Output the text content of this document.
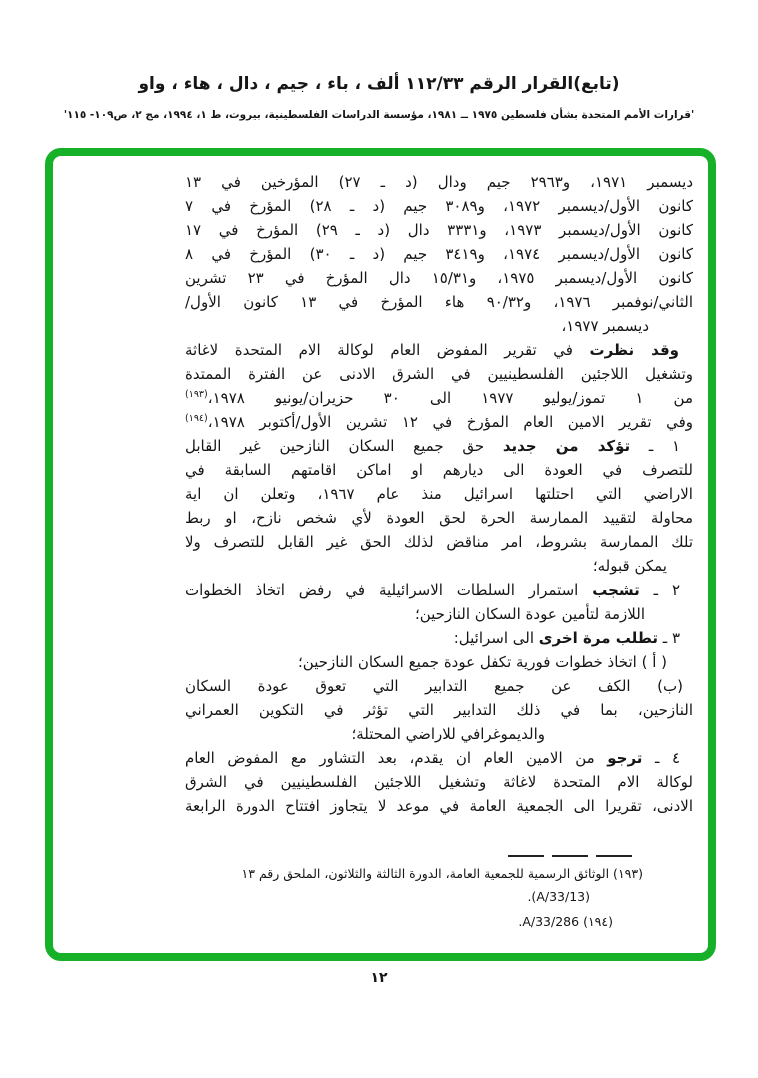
(تابع)القرار الرقم ١١٢/٣٣ ألف ، باء ، جيم ، دال ، هاء ، واو
'قرارات الأمم المتحدة بشأن فلسطين ١٩٧٥ ــ ١٩٨١، مؤسسة الدراسات الفلسطينية، بيروت، ط ١، ١٩٩٤، مج ٢، ص١٠٩- ١١٥'
ديسمبر ١٩٧١، و٢٩٦٣ جيم ودال (د ـ ٢٧) المؤرخين في ١٣
كانون الأول/ديسمبر ١٩٧٢، و٣٠٨٩ جيم (د ـ ٢٨) المؤرخ في ٧
كانون الأول/ديسمبر ١٩٧٣، و٣٣٣١ دال (د ـ ٢٩) المؤرخ في ١٧
كانون الأول/ديسمبر ١٩٧٤، و٣٤١٩ جيم (د ـ ٣٠) المؤرخ في ٨
كانون الأول/ديسمبر ١٩٧٥، و١٥/٣١ دال المؤرخ في ٢٣ تشرين
الثاني/نوفمبر ١٩٧٦، و٩٠/٣٢ هاء المؤرخ في ١٣ كانون الأول/
ديسمبر ١٩٧٧،
وقد نظرت في تقرير المفوض العام لوكالة الام المتحدة لاغاثة
وتشغيل اللاجئين الفلسطينيين في الشرق الادنى عن الفترة الممتدة
من ١ تموز/يوليو ١٩٧٧ الى ٣٠ حزيران/يونيو ١٩٧٨،$^{(١٩٣)}$
وفي تقرير الامين العام المؤرخ في ١٢ تشرين الأول/أكتوبر ١٩٧٨،$^{(١٩٤)}$
١ ـ تؤكد من جديد حق جميع السكان النازحين غير القابل
للتصرف في العودة الى ديارهم او اماكن اقامتهم السابقة في
الاراضي التي احتلتها اسرائيل منذ عام ١٩٦٧، وتعلن ان اية
محاولة لتقييد الممارسة الحرة لحق العودة لأي شخص نازح، او ربط
تلك الممارسة بشروط، امر مناقض لذلك الحق غير القابل للتصرف ولا
يمكن قبوله؛
٢ ـ تشجب استمرار السلطات الاسرائيلية في رفض اتخاذ الخطوات
اللازمة لتأمين عودة السكان النازحين؛
٣ ـ تطلب مرة اخرى الى اسرائيل:
( أ ) اتخاذ خطوات فورية تكفل عودة جميع السكان النازحين؛
(ب) الكف عن جميع التدابير التي تعوق عودة السكان
النازحين، بما في ذلك التدابير التي تؤثر في التكوين العمراني
والديموغرافي للاراضي المحتلة؛
٤ ـ ترجو من الامين العام ان يقدم، بعد التشاور مع المفوض العام
لوكالة الام المتحدة لاغاثة وتشغيل اللاجئين الفلسطينيين في الشرق
الادنى، تقريرا الى الجمعية العامة في موعد لا يتجاوز افتتاح الدورة الرابعة
(١٩٣) الوثائق الرسمية للجمعية العامة، الدورة الثالثة والثلاثون، الملحق رقم ١٣
(A/33/13).
(١٩٤) A/33/286.
١٢
